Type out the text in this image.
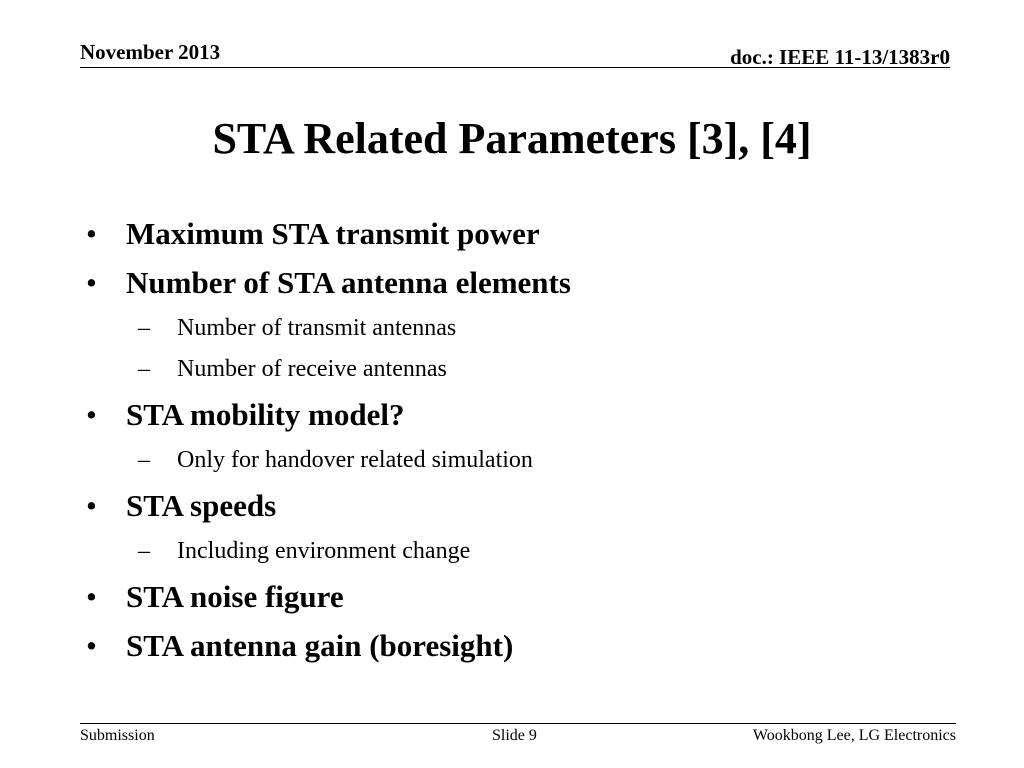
November 2013	doc.: IEEE 11-13/1383r0
STA Related Parameters [3], [4]
• Maximum STA transmit power
• Number of STA antenna elements
– Number of transmit antennas
– Number of receive antennas
• STA mobility model?
– Only for handover related simulation
• STA speeds
– Including environment change
• STA noise figure
• STA antenna gain (boresight)
Submission	Slide 9	Wookbong Lee, LG Electronics
